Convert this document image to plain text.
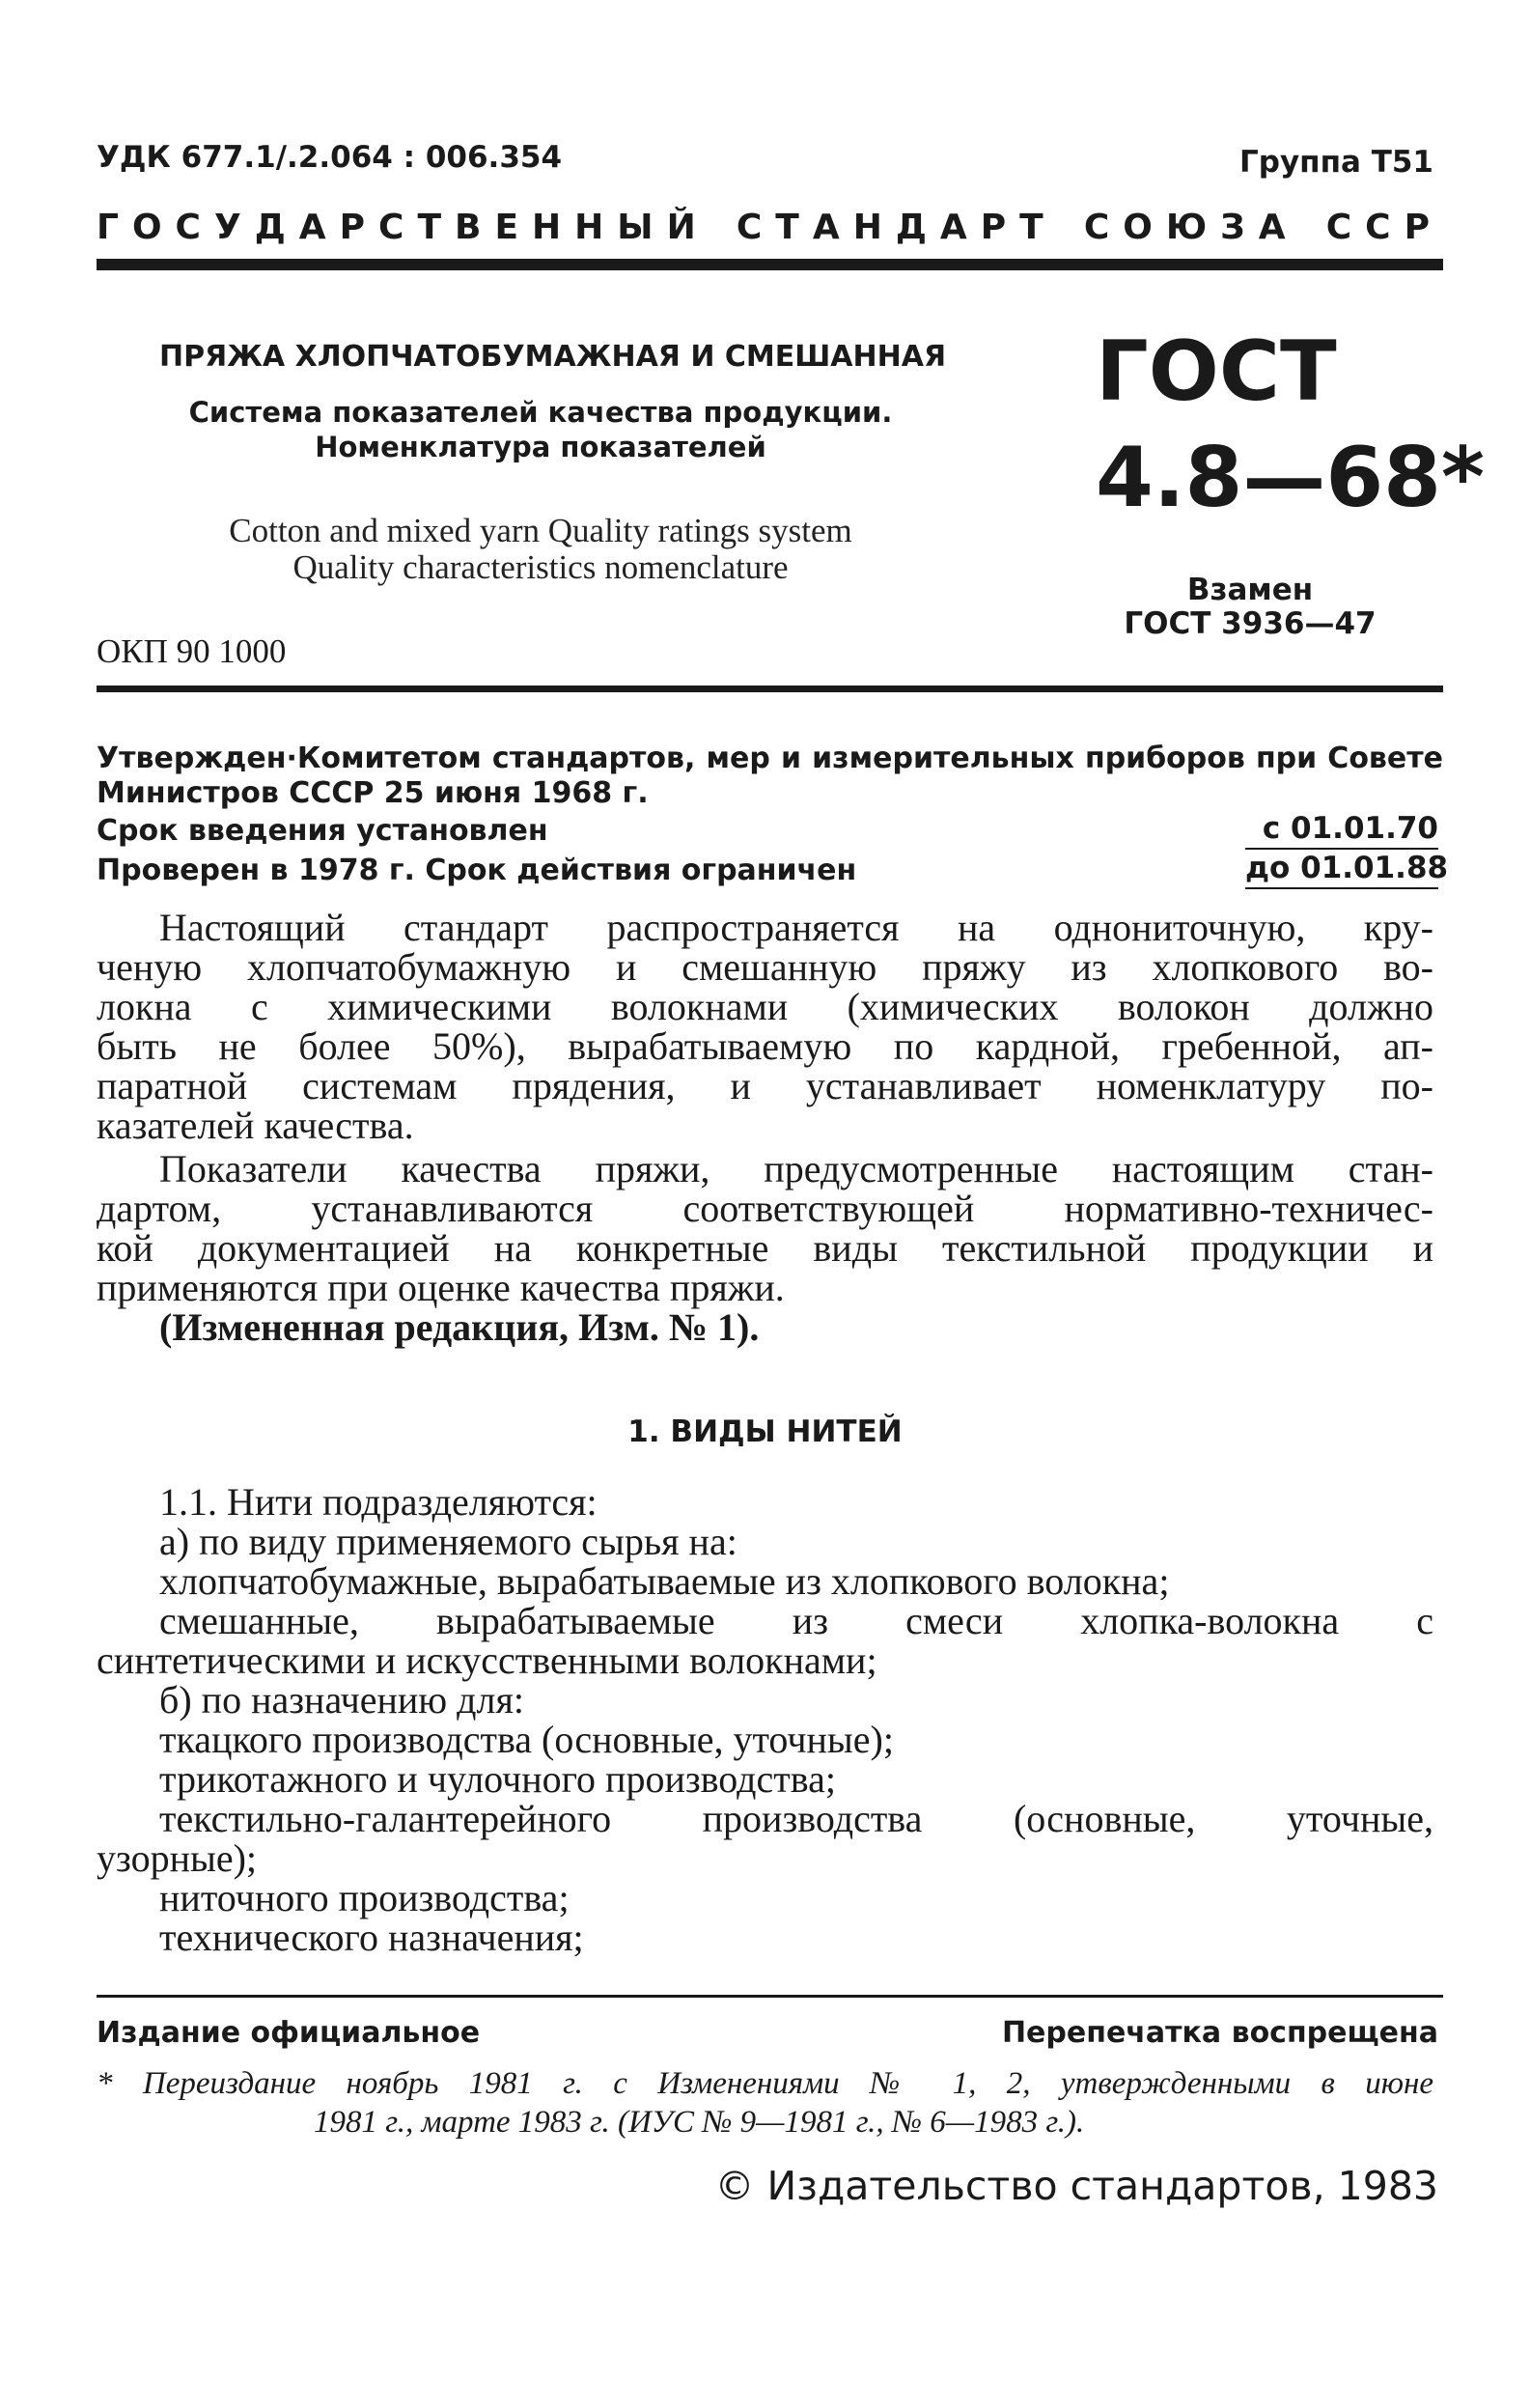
УДК 677.1/.2.064 : 006.354	Группа Т51
ГОСУДАРСТВЕННЫЙ СТАНДАРТ СОЮЗА ССР
ПРЯЖА ХЛОПЧАТОБУМАЖНАЯ И СМЕШАННАЯ
Система показателей качества продукции.
Номенклатура показателей
Cotton and mixed yarn Quality ratings system
Quality characteristics nomenclature
ОКП 90 1000
ГОСТ
4.8—68*
Взамен
ГОСТ 3936—47
Утвержден·Комитетом стандартов, мер и измерительных приборов при Совете
Министров СССР 25 июня 1968 г.
Срок введения установлен	с 01.01.70
Проверен в 1978 г. Срок действия ограничен	до 01.01.88
Настоящий стандарт распространяется на однониточную, кру-
ченую хлопчатобумажную и смешанную пряжу из хлопкового во-
локна с химическими волокнами (химических волокон должно
быть не более 50%), вырабатываемую по кардной, гребенной, ап-
паратной системам прядения, и устанавливает номенклатуру по-
казателей качества.
Показатели качества пряжи, предусмотренные настоящим стан-
дартом, устанавливаются соответствующей нормативно-техничес-
кой документацией на конкретные виды текстильной продукции и
применяются при оценке качества пряжи.
(Измененная редакция, Изм. № 1).
1. ВИДЫ НИТЕЙ
1.1. Нити подразделяются:
а) по виду применяемого сырья на:
хлопчатобумажные, вырабатываемые из хлопкового волокна;
смешанные, вырабатываемые из смеси хлопка-волокна с
синтетическими и искусственными волокнами;
б) по назначению для:
ткацкого производства (основные, уточные);
трикотажного и чулочного производства;
текстильно-галантерейного производства (основные, уточные,
узорные);
ниточного производства;
технического назначения;
Издание официальное	Перепечатка воспрещена
* Переиздание ноябрь 1981 г. с Изменениями № 1, 2, утвержденными в июне
1981 г., марте 1983 г. (ИУС № 9—1981 г., № 6—1983 г.).
© Издательство стандартов, 1983
